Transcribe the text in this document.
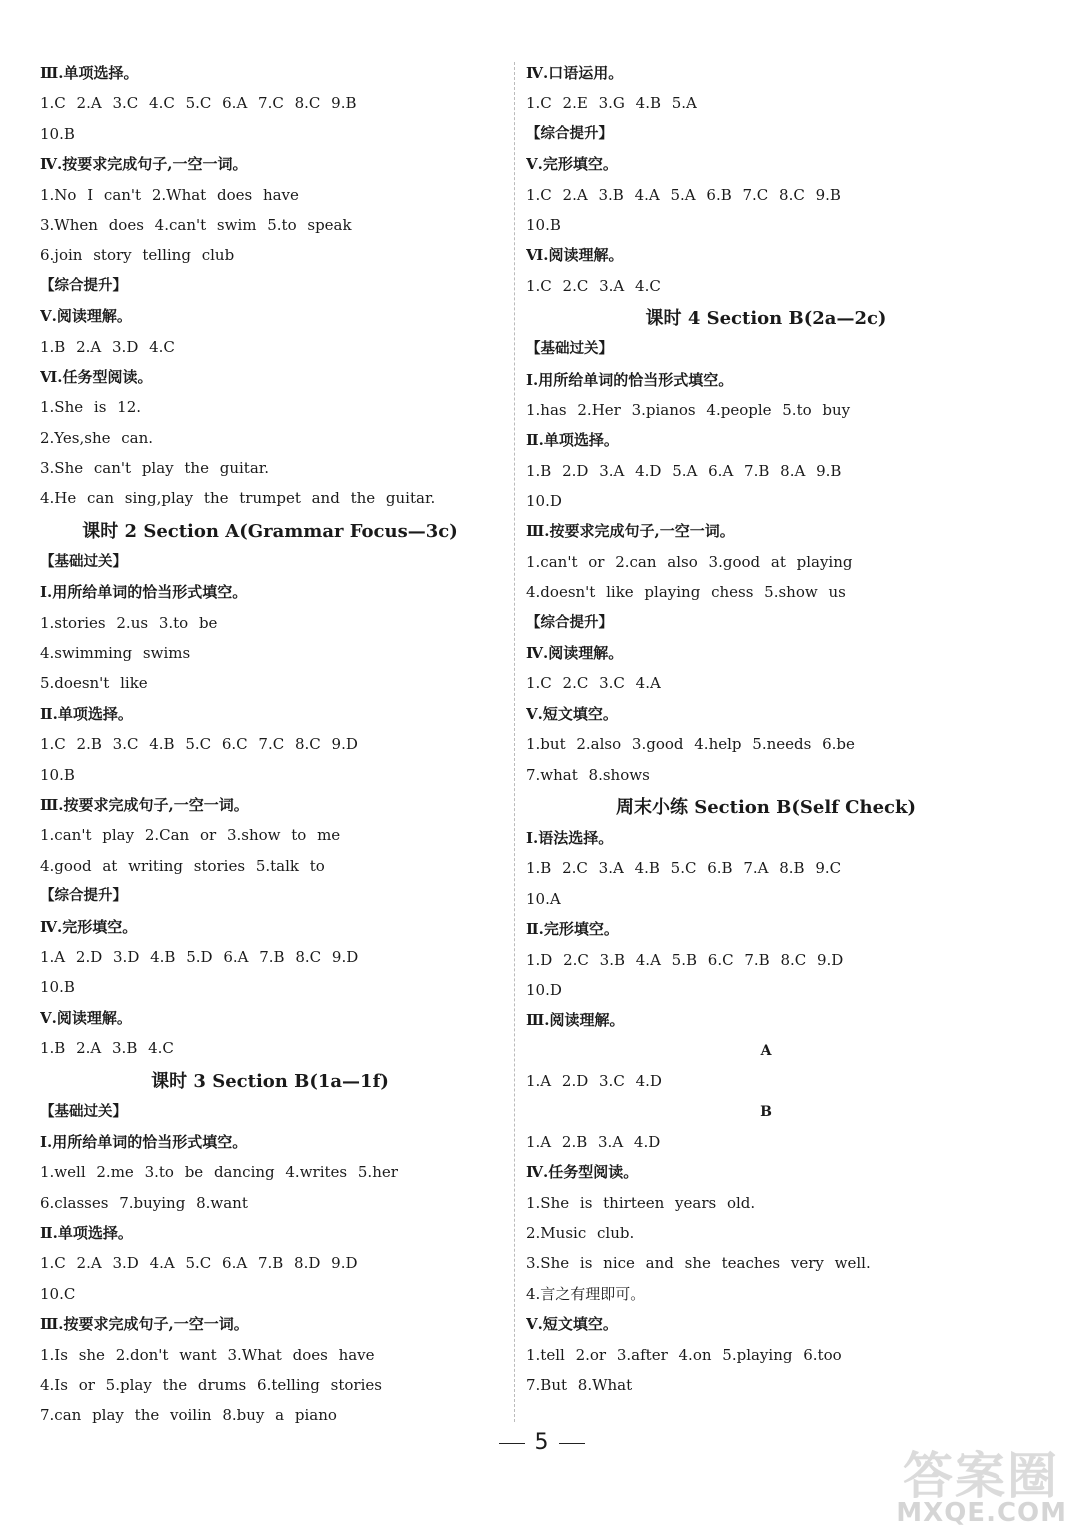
Ⅲ.单项选择。
1.C 2.A 3.C 4.C 5.C 6.A 7.C 8.C 9.B
10.B
Ⅳ.按要求完成句子,一空一词。
1.No I can't 2.What does have
3.When does 4.can't swim 5.to speak
6.join story telling club
【综合提升】
Ⅴ.阅读理解。
1.B 2.A 3.D 4.C
Ⅵ.任务型阅读。
1.She is 12.
2.Yes,she can.
3.She can't play the guitar.
4.He can sing,play the trumpet and the guitar.
课时 2 Section A(Grammar Focus—3c)
【基础过关】
Ⅰ.用所给单词的恰当形式填空。
1.stories 2.us 3.to be
4.swimming swims
5.doesn't like
Ⅱ.单项选择。
1.C 2.B 3.C 4.B 5.C 6.C 7.C 8.C 9.D
10.B
Ⅲ.按要求完成句子,一空一词。
1.can't play 2.Can or 3.show to me
4.good at writing stories 5.talk to
【综合提升】
Ⅳ.完形填空。
1.A 2.D 3.D 4.B 5.D 6.A 7.B 8.C 9.D
10.B
Ⅴ.阅读理解。
1.B 2.A 3.B 4.C
课时 3 Section B(1a—1f)
【基础过关】
Ⅰ.用所给单词的恰当形式填空。
1.well 2.me 3.to be dancing 4.writes 5.her
6.classes 7.buying 8.want
Ⅱ.单项选择。
1.C 2.A 3.D 4.A 5.C 6.A 7.B 8.D 9.D
10.C
Ⅲ.按要求完成句子,一空一词。
1.Is she 2.don't want 3.What does have
4.Is or 5.play the drums 6.telling stories
7.can play the voilin 8.buy a piano
Ⅳ.口语运用。
1.C 2.E 3.G 4.B 5.A
【综合提升】
Ⅴ.完形填空。
1.C 2.A 3.B 4.A 5.A 6.B 7.C 8.C 9.B
10.B
Ⅵ.阅读理解。
1.C 2.C 3.A 4.C
课时 4 Section B(2a—2c)
【基础过关】
Ⅰ.用所给单词的恰当形式填空。
1.has 2.Her 3.pianos 4.people 5.to buy
Ⅱ.单项选择。
1.B 2.D 3.A 4.D 5.A 6.A 7.B 8.A 9.B
10.D
Ⅲ.按要求完成句子,一空一词。
1.can't or 2.can also 3.good at playing
4.doesn't like playing chess 5.show us
【综合提升】
Ⅳ.阅读理解。
1.C 2.C 3.C 4.A
Ⅴ.短文填空。
1.but 2.also 3.good 4.help 5.needs 6.be
7.what 8.shows
周末小练 Section B(Self Check)
Ⅰ.语法选择。
1.B 2.C 3.A 4.B 5.C 6.B 7.A 8.B 9.C
10.A
Ⅱ.完形填空。
1.D 2.C 3.B 4.A 5.B 6.C 7.B 8.C 9.D
10.D
Ⅲ.阅读理解。
A
1.A 2.D 3.C 4.D
B
1.A 2.B 3.A 4.D
Ⅳ.任务型阅读。
1.She is thirteen years old.
2.Music club.
3.She is nice and she teaches very well.
4.言之有理即可。
Ⅴ.短文填空。
1.tell 2.or 3.after 4.on 5.playing 6.too
7.But 8.What
5
答案圈
MXQE.COM
